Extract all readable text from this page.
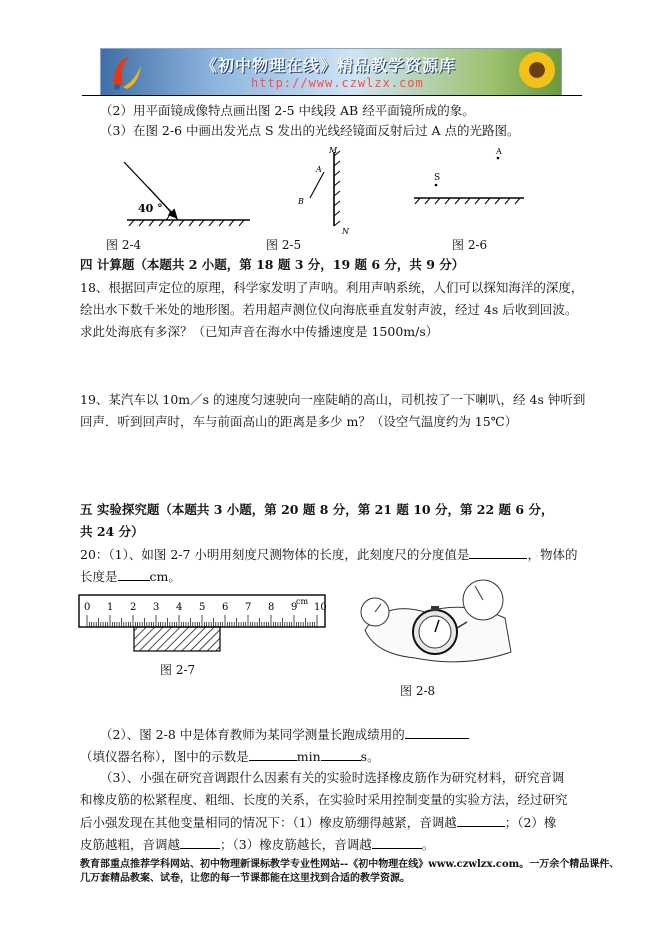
《初中物理在线》精品教学资源库
http://www.czwlzx.com
（2）用平面镜成像特点画出图 2-5 中线段 AB 经平面镜所成的象。
（3）在图 2-6 中画出发光点 S 发出的光线经镜面反射后过 A 点的光路图。
40 °
图 2-4
M
N
A
B
图 2-5
A
S
图 2-6
四 计算题（本题共 2 小题，第 18 题 3 分，19 题 6 分，共 9 分）
18、根据回声定位的原理，科学家发明了声呐。利用声呐系统，人们可以探知海洋的深度，
绘出水下数千米处的地形图。若用超声测位仪向海底垂直发射声波，经过 4s 后收到回波。
求此处海底有多深？（已知声音在海水中传播速度是 1500m/s）
19、某汽车以 10m／s 的速度匀速驶向一座陡峭的高山，司机按了一下喇叭，经 4s 钟听到
回声．听到回声时，车与前面高山的距离是多少 m？（设空气温度约为 15℃）
五 实验探究题（本题共 3 小题，第 20 题 8 分，第 21 题 10 分，第 22 题 6 分，
共 24 分）
20：（1）、如图 2-7 小明用刻度尺测物体的长度，此刻度尺的分度值是	，物体的
长度是	cm。
0 1 2 3 4 5 6 7 8 9 10
cm
图 2-7
图 2-8
（2）、图 2-8 中是体育教师为某同学测量长跑成绩用的
（填仪器名称），图中的示数是	min	s。
（3）、小强在研究音调跟什么因素有关的实验时选择橡皮筋作为研究材料，研究音调
和橡皮筋的松紧程度、粗细、长度的关系，在实验时采用控制变量的实验方法，经过研究
后小强发现在其他变量相同的情况下：（1）橡皮筋绷得越紧，音调越	；（2）橡
皮筋越粗，音调越	；（3）橡皮筋越长，音调越	。
教育部重点推荐学科网站、初中物理新课标教学专业性网站--《初中物理在线》www.czwlzx.com。一万余个精品课件、
几万套精品教案、试卷，让您的每一节课都能在这里找到合适的教学资源。
